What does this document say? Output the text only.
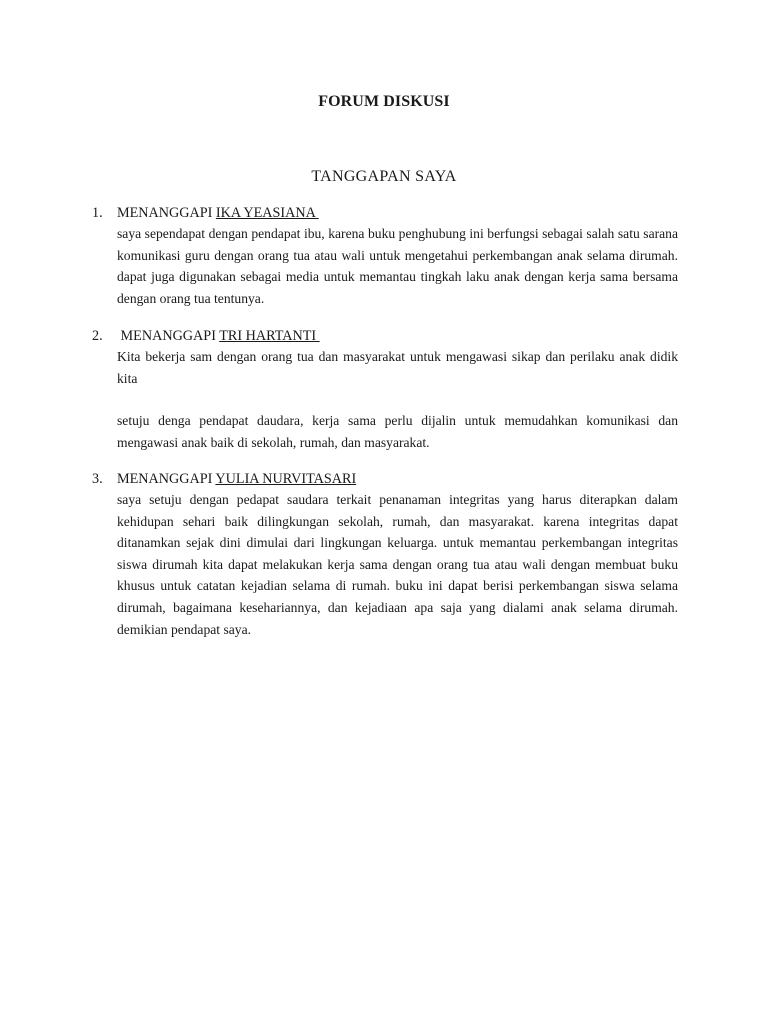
FORUM DISKUSI
TANGGAPAN SAYA
1. MENANGGAPI IKA YEASIANA

saya sependapat dengan pendapat ibu, karena buku penghubung ini berfungsi sebagai salah satu sarana komunikasi guru dengan orang tua atau wali untuk mengetahui perkembangan anak selama dirumah. dapat juga digunakan sebagai media untuk memantau tingkah laku anak dengan kerja sama bersama dengan orang tua tentunya.

2. MENANGGAPI TRI HARTANTI

Kita bekerja sam dengan orang tua dan masyarakat untuk mengawasi sikap dan perilaku anak didik kita

setuju denga pendapat daudara, kerja sama perlu dijalin untuk memudahkan komunikasi dan mengawasi anak baik di sekolah, rumah, dan masyarakat.

3. MENANGGAPI YULIA NURVITASARI

saya setuju dengan pedapat saudara terkait penanaman integritas yang harus diterapkan dalam kehidupan sehari baik dilingkungan sekolah, rumah, dan masyarakat. karena integritas dapat ditanamkan sejak dini dimulai dari lingkungan keluarga. untuk memantau perkembangan integritas siswa dirumah kita dapat melakukan kerja sama dengan orang tua atau wali dengan membuat buku khusus untuk catatan kejadian selama di rumah. buku ini dapat berisi perkembangan siswa selama dirumah, bagaimana kesehariannya, dan kejadiaan apa saja yang dialami anak selama dirumah. demikian pendapat saya.
